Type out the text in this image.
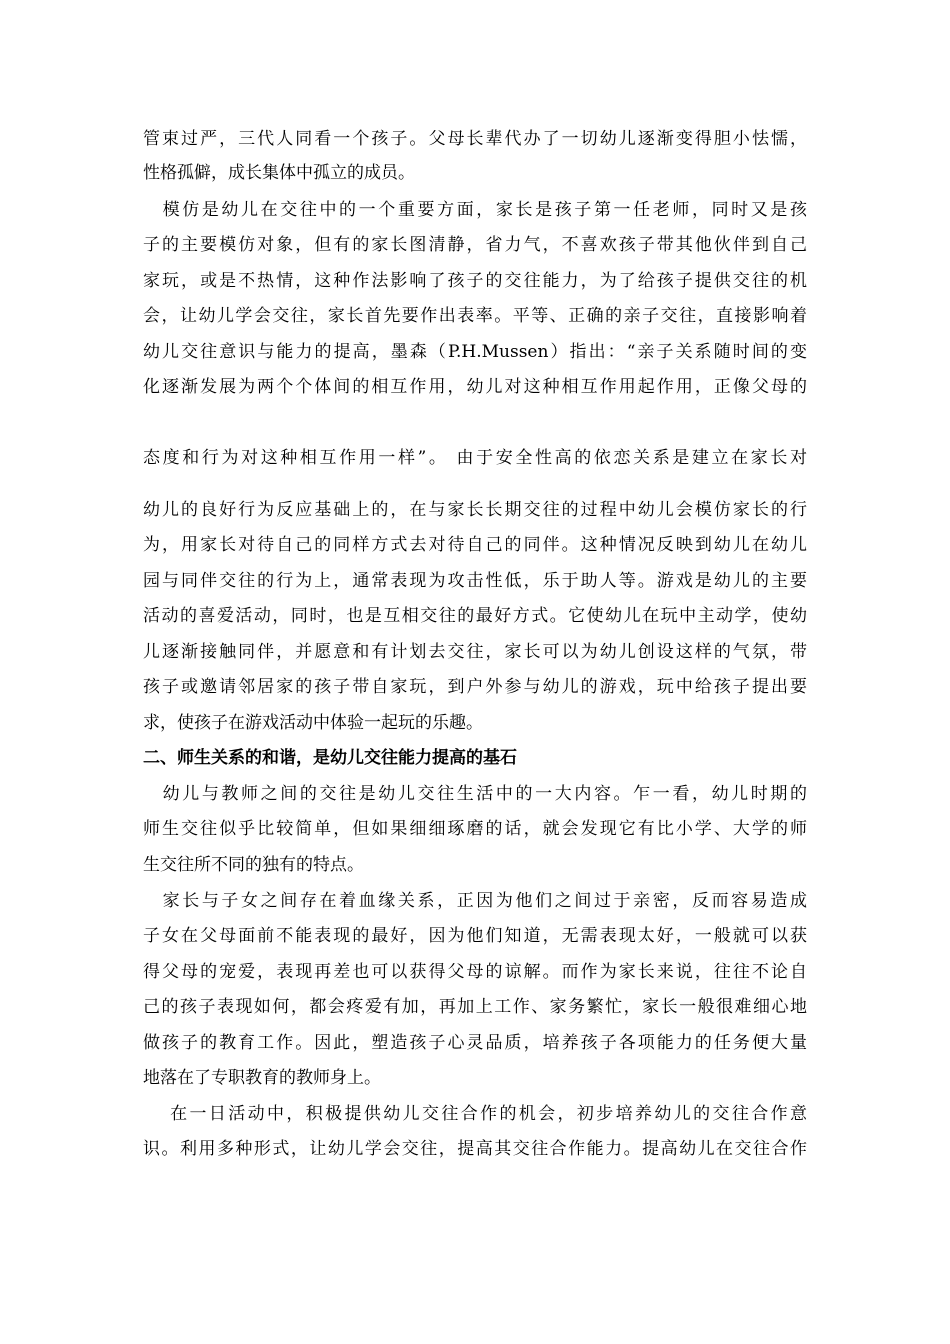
管束过严，三代人同看一个孩子。父母长辈代办了一切幼儿逐渐变得胆小怯懦，
性格孤僻，成长集体中孤立的成员。
　模仿是幼儿在交往中的一个重要方面，家长是孩子第一任老师，同时又是孩
子的主要模仿对象，但有的家长图清静，省力气，不喜欢孩子带其他伙伴到自己
家玩，或是不热情，这种作法影响了孩子的交往能力，为了给孩子提供交往的机
会，让幼儿学会交往，家长首先要作出表率。平等、正确的亲子交往，直接影响着
幼儿交往意识与能力的提高，墨森（P.H.Mussen）指出：“亲子关系随时间的变
化逐渐发展为两个个体间的相互作用，幼儿对这种相互作用起作用，正像父母的
态度和行为对这种相互作用一样”。 由于安全性高的依恋关系是建立在家长对
幼儿的良好行为反应基础上的，在与家长长期交往的过程中幼儿会模仿家长的行
为，用家长对待自己的同样方式去对待自己的同伴。这种情况反映到幼儿在幼儿
园与同伴交往的行为上，通常表现为攻击性低，乐于助人等。游戏是幼儿的主要
活动的喜爱活动，同时，也是互相交往的最好方式。它使幼儿在玩中主动学，使幼
儿逐渐接触同伴，并愿意和有计划去交往，家长可以为幼儿创设这样的气氛，带
孩子或邀请邻居家的孩子带自家玩，到户外参与幼儿的游戏，玩中给孩子提出要
求，使孩子在游戏活动中体验一起玩的乐趣。
二、师生关系的和谐，是幼儿交往能力提高的基石
　幼儿与教师之间的交往是幼儿交往生活中的一大内容。乍一看，幼儿时期的
师生交往似乎比较简单，但如果细细琢磨的话，就会发现它有比小学、大学的师
生交往所不同的独有的特点。
　家长与子女之间存在着血缘关系，正因为他们之间过于亲密，反而容易造成
子女在父母面前不能表现的最好，因为他们知道，无需表现太好，一般就可以获
得父母的宠爱，表现再差也可以获得父母的谅解。而作为家长来说，往往不论自
己的孩子表现如何，都会疼爱有加，再加上工作、家务繁忙，家长一般很难细心地
做孩子的教育工作。因此，塑造孩子心灵品质，培养孩子各项能力的任务便大量
地落在了专职教育的教师身上。
　 在一日活动中，积极提供幼儿交往合作的机会，初步培养幼儿的交往合作意
识。利用多种形式，让幼儿学会交往，提高其交往合作能力。提高幼儿在交往合作
